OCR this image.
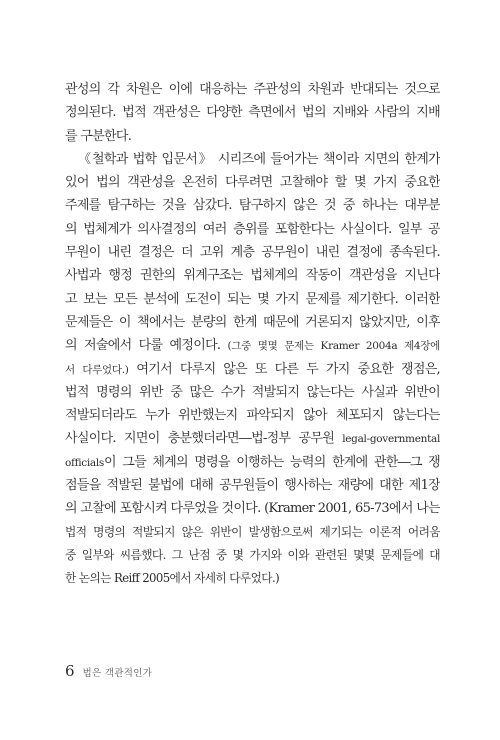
관성의 각 차원은 이에 대응하는 주관성의 차원과 반대되는 것으로
정의된다. 법적 객관성은 다양한 측면에서 법의 지배와 사람의 지배
를 구분한다.
《철학과 법학 입문서》 시리즈에 들어가는 책이라 지면의 한계가
있어 법의 객관성을 온전히 다루려면 고찰해야 할 몇 가지 중요한
주제를 탐구하는 것을 삼갔다. 탐구하지 않은 것 중 하나는 대부분
의 법체계가 의사결정의 여러 층위를 포함한다는 사실이다. 일부 공
무원이 내린 결정은 더 고위 계층 공무원이 내린 결정에 종속된다.
사법과 행정 권한의 위계구조는 법체계의 작동이 객관성을 지닌다
고 보는 모든 분석에 도전이 되는 몇 가지 문제를 제기한다. 이러한
문제들은 이 책에서는 분량의 한계 때문에 거론되지 않았지만, 이후
의 저술에서 다룰 예정이다. (그중 몇몇 문제는 Kramer 2004a 제4장에
서 다루었다.) 여기서 다루지 않은 또 다른 두 가지 중요한 쟁점은,
법적 명령의 위반 중 많은 수가 적발되지 않는다는 사실과 위반이
적발되더라도 누가 위반했는지 파악되지 않아 체포되지 않는다는
사실이다. 지면이 충분했더라면―법-정부 공무원 legal-governmental
officials이 그들 체계의 명령을 이행하는 능력의 한계에 관한―그 쟁
점들을 적발된 불법에 대해 공무원들이 행사하는 재량에 대한 제1장
의 고찰에 포함시켜 다루었을 것이다. (Kramer 2001, 65-73에서 나는
법적 명령의 적발되지 않은 위반이 발생함으로써 제기되는 이론적 어려움
중 일부와 씨름했다. 그 난점 중 몇 가지와 이와 관련된 몇몇 문제들에 대
한 논의는 Reiff 2005에서 자세히 다루었다.)
6 법은 객관적인가
